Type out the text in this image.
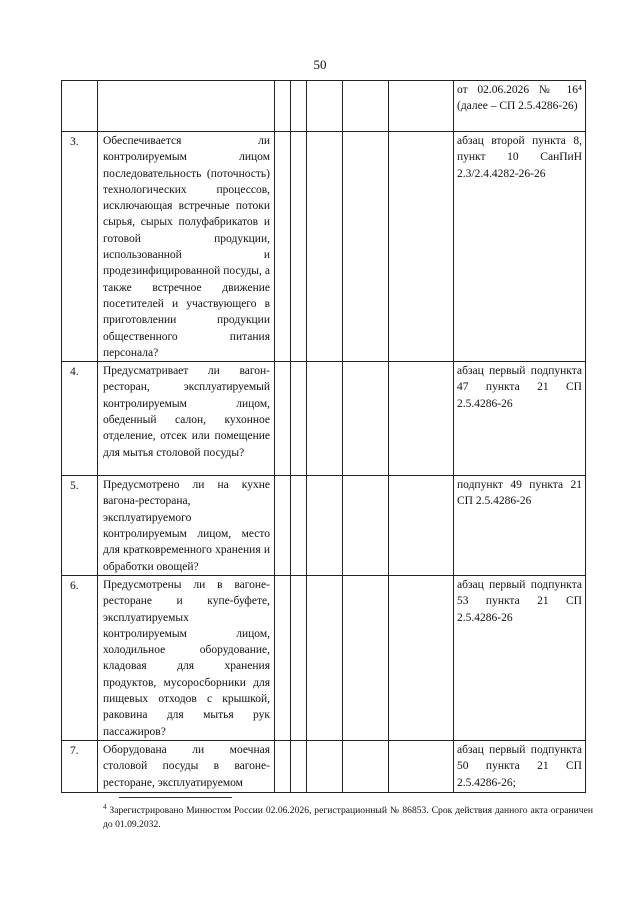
50
							от 02.06.2026 № 16⁴ (далее – СП 2.5.4286-26)
3.	Обеспечивается ли контролируемым лицом последовательность (поточность) технологических процессов, исключающая встречные потоки сырья, сырых полуфабрикатов и готовой продукции, использованной и продезинфицированной посуды, а также встречное движение посетителей и участвующего в приготовлении продукции общественного питания персонала?						абзац второй пункта 8, пункт 10 СанПиН 2.3/2.4.4282-26-26
4.	Предусматривает ли вагон-ресторан, эксплуатируемый контролируемым лицом, обеденный салон, кухонное отделение, отсек или помещение для мытья столовой посуды?						абзац первый подпункта 47 пункта 21 СП 2.5.4286-26
5.	Предусмотрено ли на кухне вагона-ресторана, эксплуатируемого контролируемым лицом, место для кратковременного хранения и обработки овощей?						подпункт 49 пункта 21 СП 2.5.4286-26
6.	Предусмотрены ли в вагоне-ресторане и купе-буфете, эксплуатируемых контролируемым лицом, холодильное оборудование, кладовая для хранения продуктов, мусоросборники для пищевых отходов с крышкой, раковина для мытья рук пассажиров?						абзац первый подпункта 53 пункта 21 СП 2.5.4286-26
7.	Оборудована ли моечная столовой посуды в вагоне-ресторане, эксплуатируемом						абзац первый подпункта 50 пункта 21 СП 2.5.4286-26;
$^4$ Зарегистрировано Минюстом России 02.06.2026, регистрационный № 86853. Срок действия данного акта ограничен до 01.09.2032.
